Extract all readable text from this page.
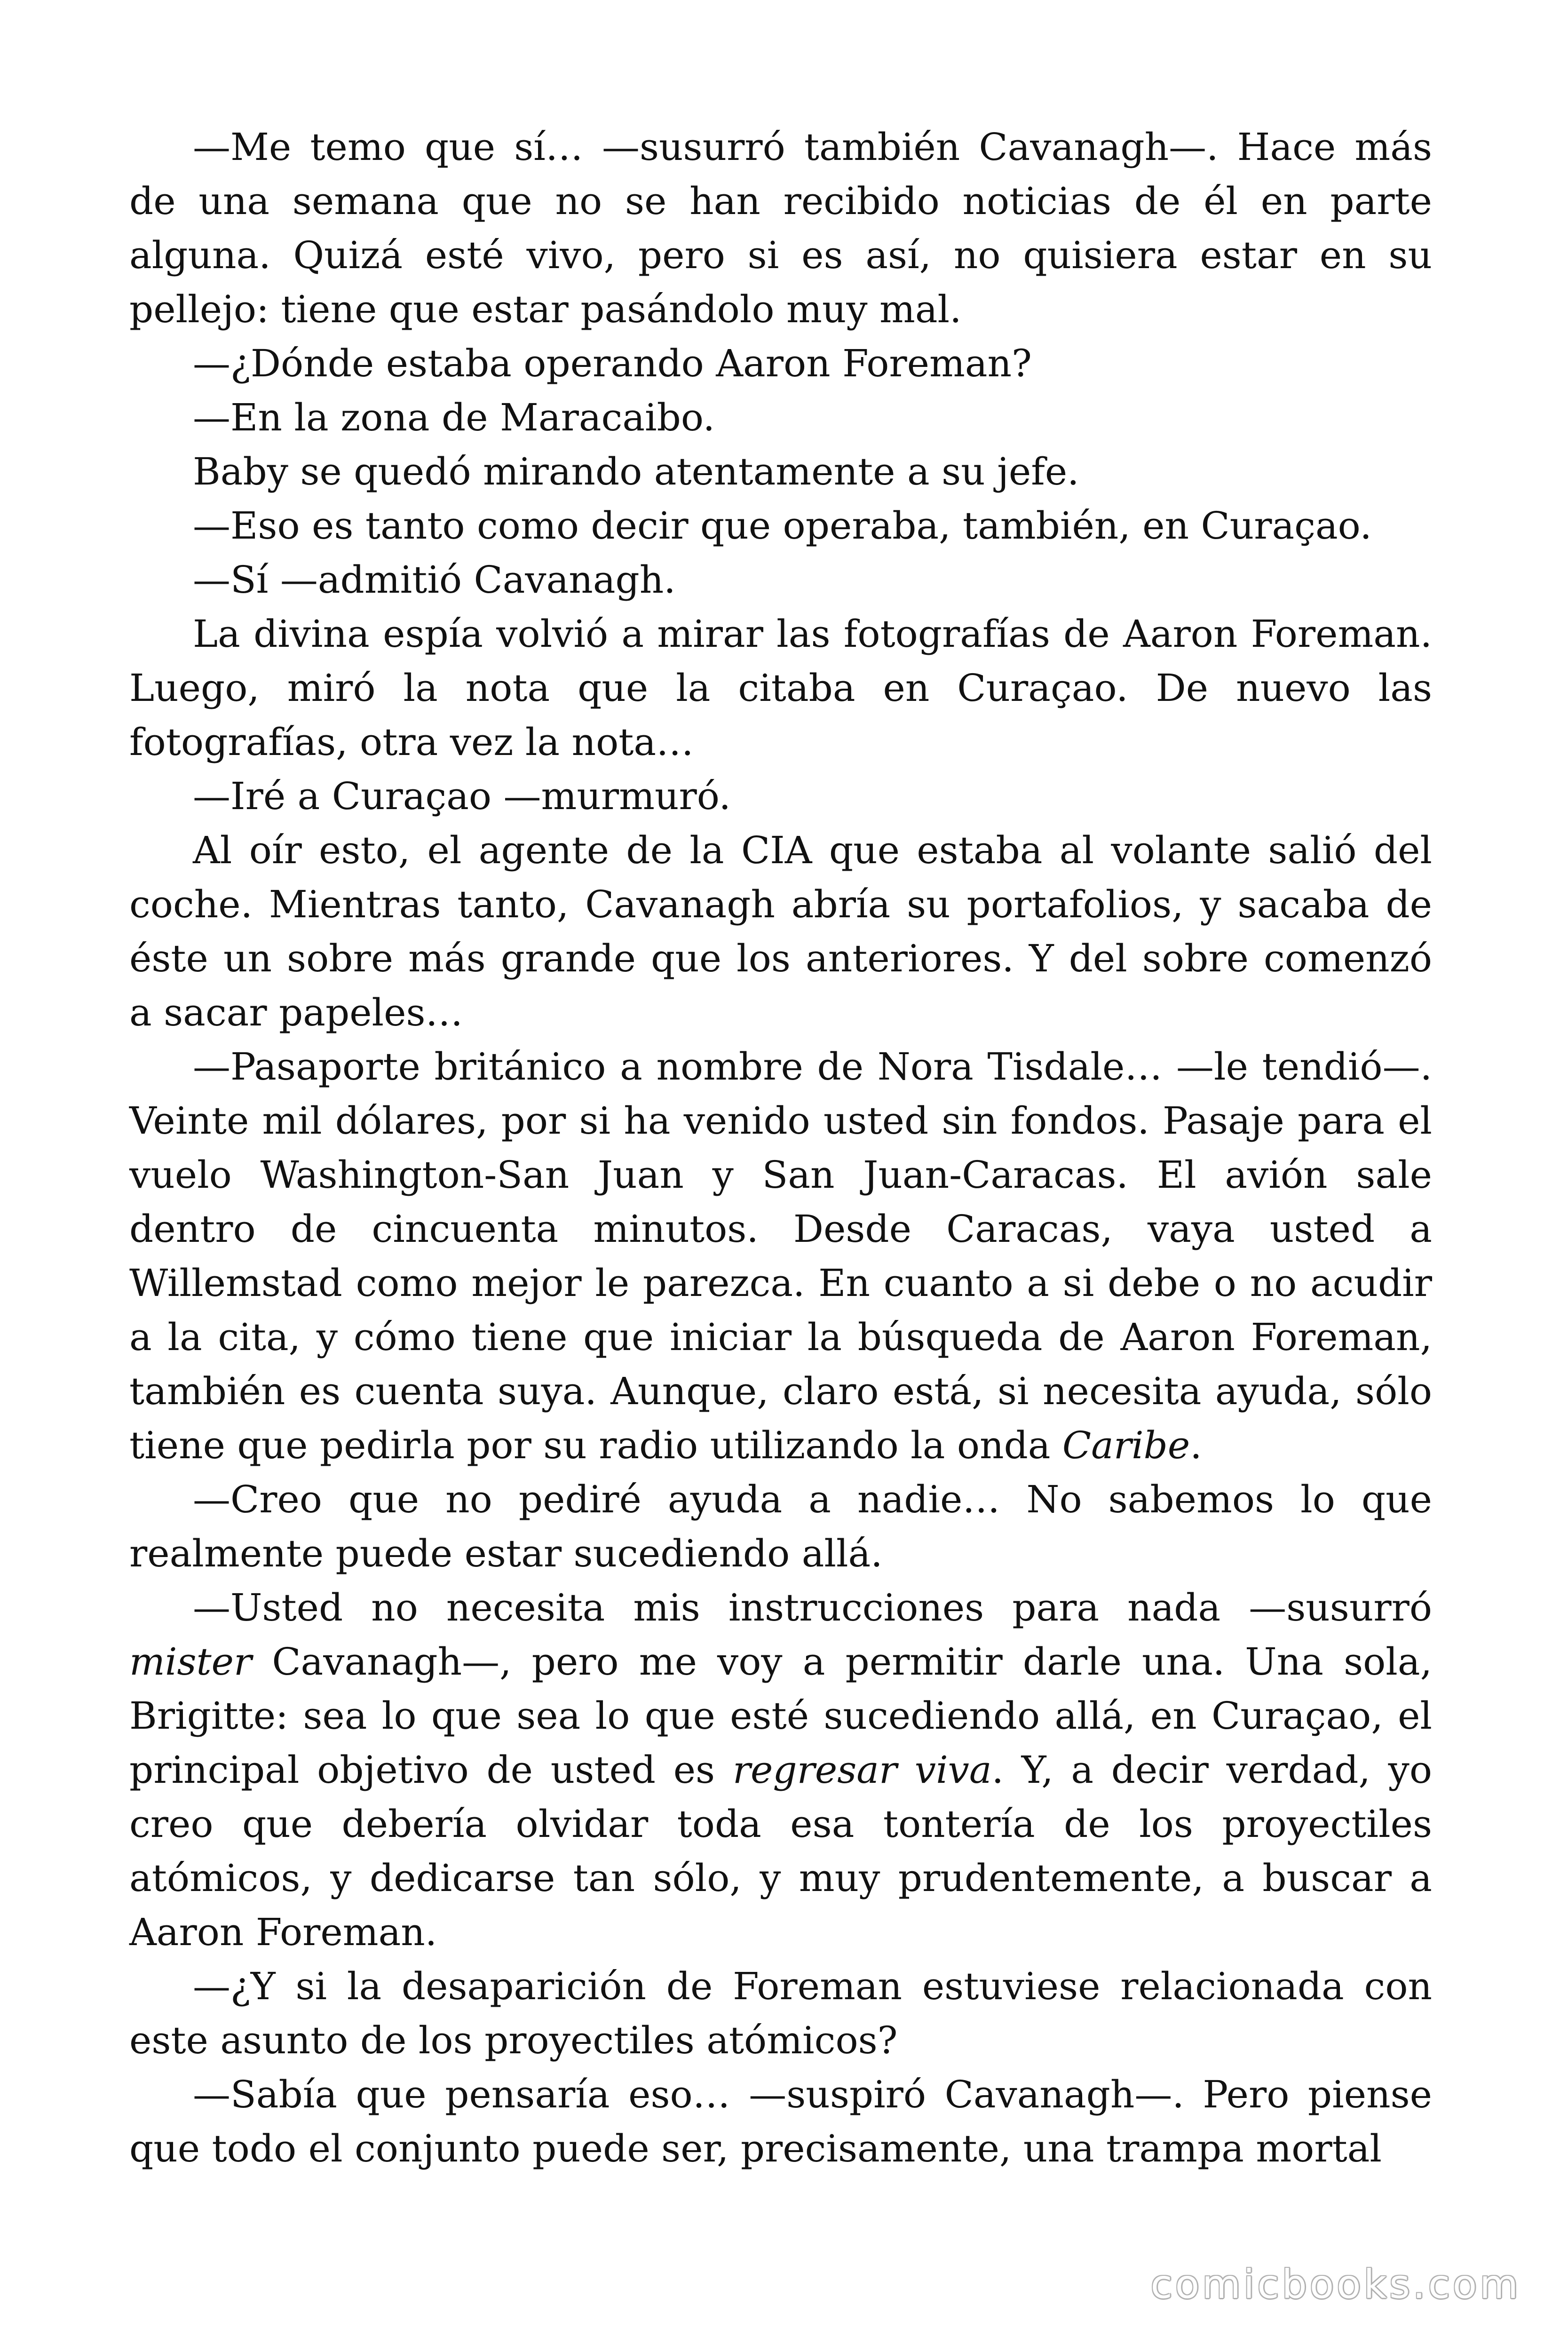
—Me temo que sí… —susurró también Cavanagh—. Hace más de una semana que no se han recibido noticias de él en parte alguna. Quizá esté vivo, pero si es así, no quisiera estar en su pellejo: tiene que estar pasándolo muy mal.

—¿Dónde estaba operando Aaron Foreman?

—En la zona de Maracaibo.

Baby se quedó mirando atentamente a su jefe.

—Eso es tanto como decir que operaba, también, en Curaçao.

—Sí —admitió Cavanagh.

La divina espía volvió a mirar las fotografías de Aaron Foreman. Luego, miró la nota que la citaba en Curaçao. De nuevo las fotografías, otra vez la nota…

—Iré a Curaçao —murmuró.

Al oír esto, el agente de la CIA que estaba al volante salió del coche. Mientras tanto, Cavanagh abría su portafolios, y sacaba de éste un sobre más grande que los anteriores. Y del sobre comenzó a sacar papeles…

—Pasaporte británico a nombre de Nora Tisdale… —le tendió—. Veinte mil dólares, por si ha venido usted sin fondos. Pasaje para el vuelo Washington-San Juan y San Juan-Caracas. El avión sale dentro de cincuenta minutos. Desde Caracas, vaya usted a Willemstad como mejor le parezca. En cuanto a si debe o no acudir a la cita, y cómo tiene que iniciar la búsqueda de Aaron Foreman, también es cuenta suya. Aunque, claro está, si necesita ayuda, sólo tiene que pedirla por su radio utilizando la onda Caribe.

—Creo que no pediré ayuda a nadie… No sabemos lo que realmente puede estar sucediendo allá.

—Usted no necesita mis instrucciones para nada —susurró mister Cavanagh—, pero me voy a permitir darle una. Una sola, Brigitte: sea lo que sea lo que esté sucediendo allá, en Curaçao, el principal objetivo de usted es regresar viva. Y, a decir verdad, yo creo que debería olvidar toda esa tontería de los proyectiles atómicos, y dedicarse tan sólo, y muy prudentemente, a buscar a Aaron Foreman.

—¿Y si la desaparición de Foreman estuviese relacionada con este asunto de los proyectiles atómicos?

—Sabía que pensaría eso… —suspiró Cavanagh—. Pero piense que todo el conjunto puede ser, precisamente, una trampa mortal

comicbooks.com
